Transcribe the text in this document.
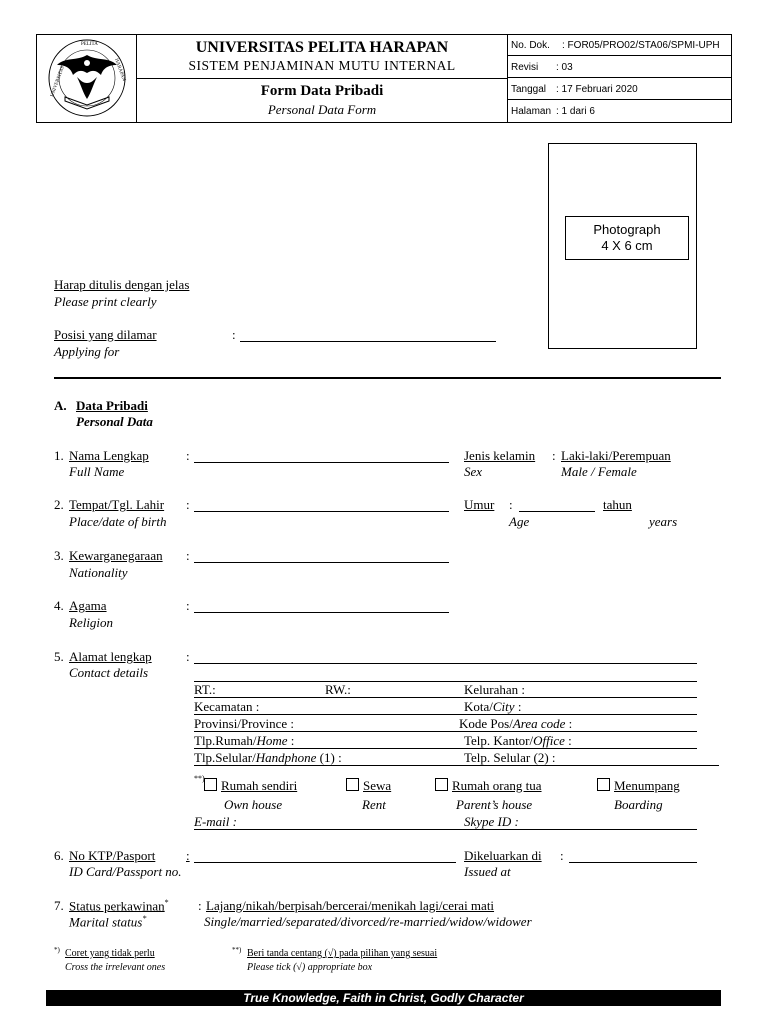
UNIVERSITAS
PELITA
HARAPAN
UNIVERSITAS PELITA HARAPAN
SISTEM PENJAMINAN MUTU INTERNAL
Form Data Pribadi
Personal Data Form
No. Dok. : FOR05/PRO02/STA06/SPMI-UPH
Revisi : 03
Tanggal : 17 Februari 2020
Halaman : 1 dari 6
Photograph
4 X 6 cm
Harap ditulis dengan jelas
Please print clearly
Posisi yang dilamar	:
Applying for
A. Data Pribadi
Personal Data
1. Nama Lengkap	:
Full Name
Jenis kelamin : Laki-laki/Perempuan
Sex	Male / Female
2. Tempat/Tgl. Lahir :
Place/date of birth
Umur :	tahun
Age	years
3. Kewarganegaraan :
Nationality
4. Agama	:
Religion
5. Alamat lengkap	:
Contact details
RT.:	RW.:	Kelurahan :
Kecamatan :	Kota/City :
Provinsi/Province :	Kode Pos/Area code :
Tlp.Rumah/Home :	Telp. Kantor/Office :
Tlp.Selular/Handphone (1) :	Telp. Selular (2) :
**)	Rumah sendiri	Sewa	Rumah orang tua	Menumpang
Own house	Rent	Parent’s house	Boarding
E-mail :	Skype ID :
6. No KTP/Pasport :
ID Card/Passport no.
Dikeluarkan di :
Issued at
7. Status perkawinan* : Lajang/nikah/berpisah/bercerai/menikah lagi/cerai mati
Marital status*	Single/married/separated/divorced/re-married/widow/widower
*) Coret yang tidak perlu
Cross the irrelevant ones
**) Beri tanda centang (√) pada pilihan yang sesuai
Please tick (√) appropriate box
True Knowledge, Faith in Christ, Godly Character
